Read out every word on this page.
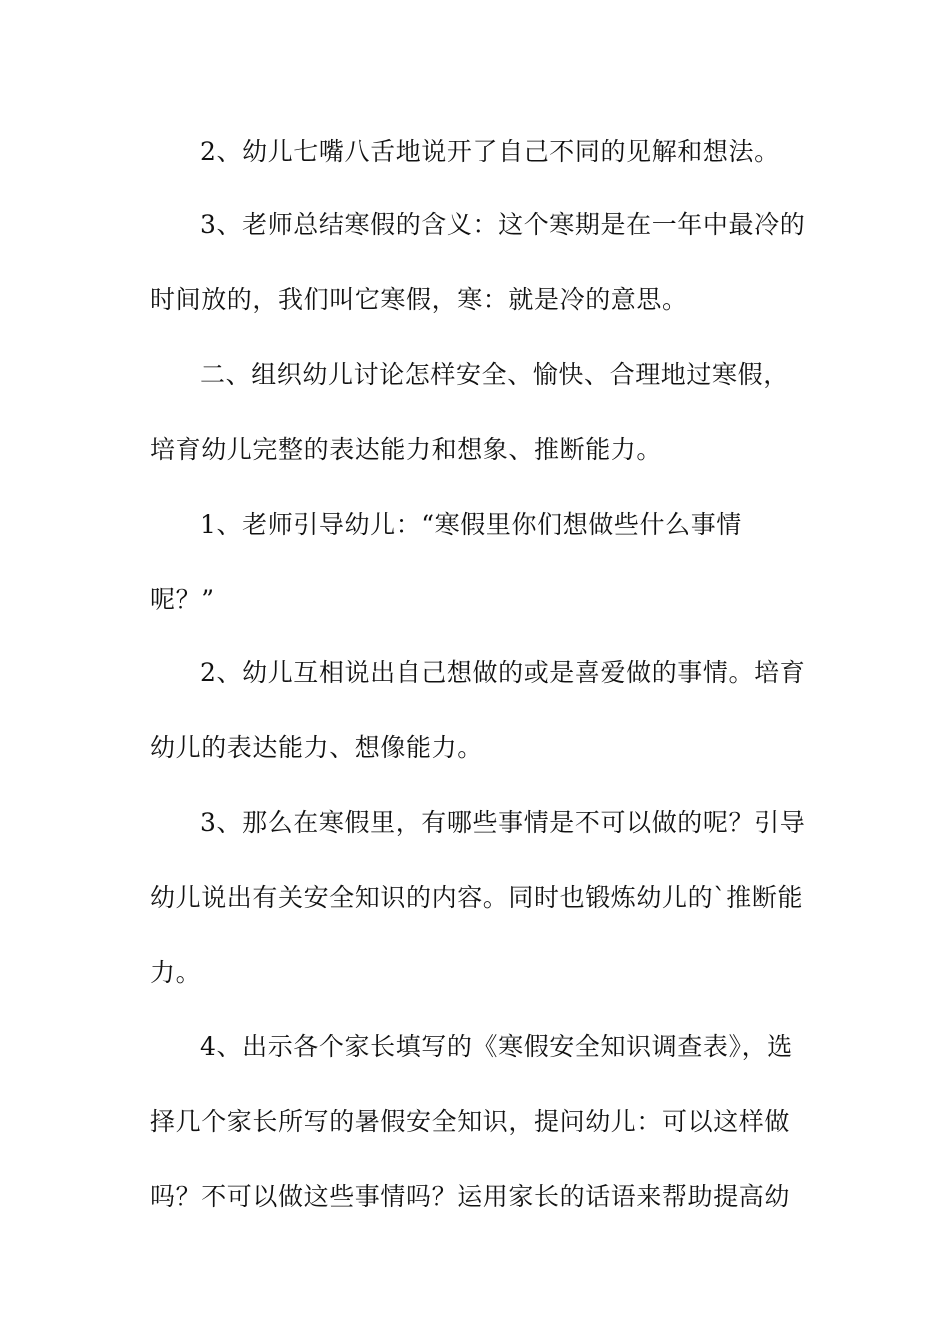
2、幼儿七嘴八舌地说开了自己不同的见解和想法。
3、老师总结寒假的含义：这个寒期是在一年中最冷的
时间放的，我们叫它寒假，寒：就是冷的意思。
二、组织幼儿讨论怎样安全、愉快、合理地过寒假，
培育幼儿完整的表达能力和想象、推断能力。
1、老师引导幼儿：“寒假里你们想做些什么事情
呢？”
2、幼儿互相说出自己想做的或是喜爱做的事情。培育
幼儿的表达能力、想像能力。
3、那么在寒假里，有哪些事情是不可以做的呢？引导
幼儿说出有关安全知识的内容。同时也锻炼幼儿的`推断能
力。
4、出示各个家长填写的《寒假安全知识调查表》，选
择几个家长所写的暑假安全知识，提问幼儿：可以这样做
吗？不可以做这些事情吗？运用家长的话语来帮助提高幼
